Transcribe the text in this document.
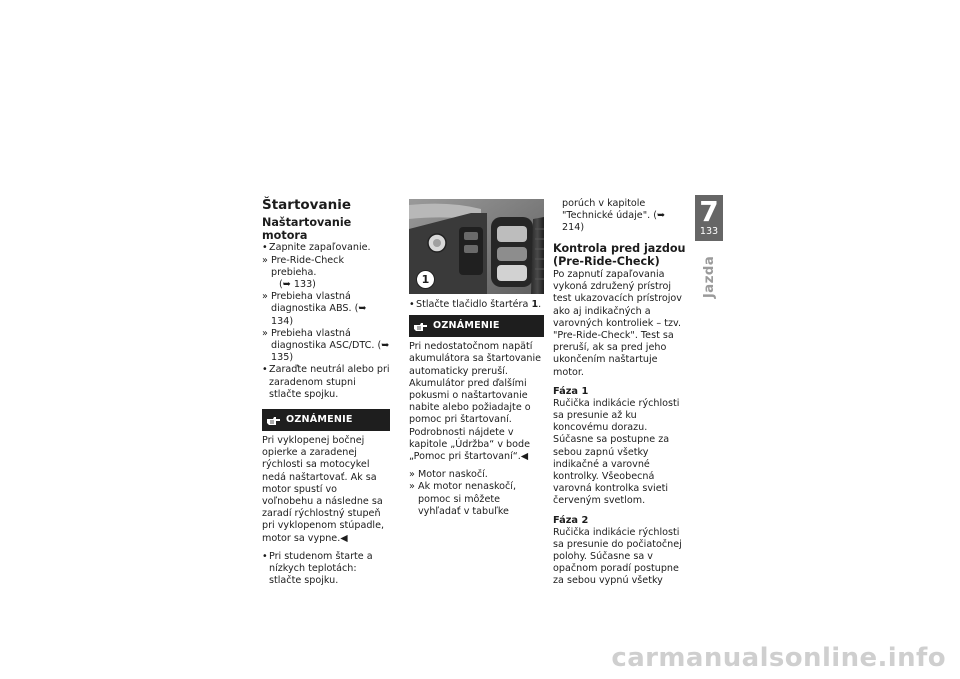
Štartovanie
Naštartovanie motora
• Zapnite zapaľovanie.
» Pre-Ride-Check prebieha.
(➥ 133)
» Prebieha vlastná diagnostika ABS. (➥ 134)
» Prebieha vlastná diagnostika ASC/DTC. (➥ 135)
• Zaraďte neutrál alebo pri zaradenom stupni stlačte spojku.
OZNÁMENIE

Pri vyklopenej bočnej opierke a zaradenej rýchlosti sa motocykel nedá naštartovať. Ak sa motor spustí vo voľnobehu a následne sa zaradí rýchlostný stupeň pri vyklopenom stúpadle, motor sa vypne.◀

• Pri studenom štarte a nízkych teplotách: stlačte spojku.
1
• Stlačte tlačidlo štartéra 1.
OZNÁMENIE

Pri nedostatočnom napätí akumulátora sa štartovanie automaticky preruší. Akumulátor pred ďalšími pokusmi o naštartovanie nabite alebo požiadajte o pomoc pri štartovaní.

Podrobnosti nájdete v kapitole „Údržba“ v bode „Pomoc pri štartovaní“.◀

» Motor naskočí.
» Ak motor nenaskočí, pomoc si môžete vyhľadať v tabuľke

porúch v kapitole "Technické údaje". (➥ 214)

Kontrola pred jazdou (Pre-Ride-Check)

Po zapnutí zapaľovania vykoná združený prístroj test ukazovacích prístrojov ako aj indikačných a varovných kontroliek – tzv. "Pre-Ride-Check". Test sa preruší, ak sa pred jeho ukončením naštartuje motor.

Fáza 1

Ručička indikácie rýchlosti sa presunie až ku koncovému dorazu. Súčasne sa postupne za sebou zapnú všetky indikačné a varovné kontrolky. Všeobecná varovná kontrolka svieti červeným svetlom.

Fáza 2

Ručička indikácie rýchlosti sa presunie do počiatočnej polohy. Súčasne sa v opačnom poradí postupne za sebou vypnú všetky

7
133
Jazda
carmanualsonline.info
